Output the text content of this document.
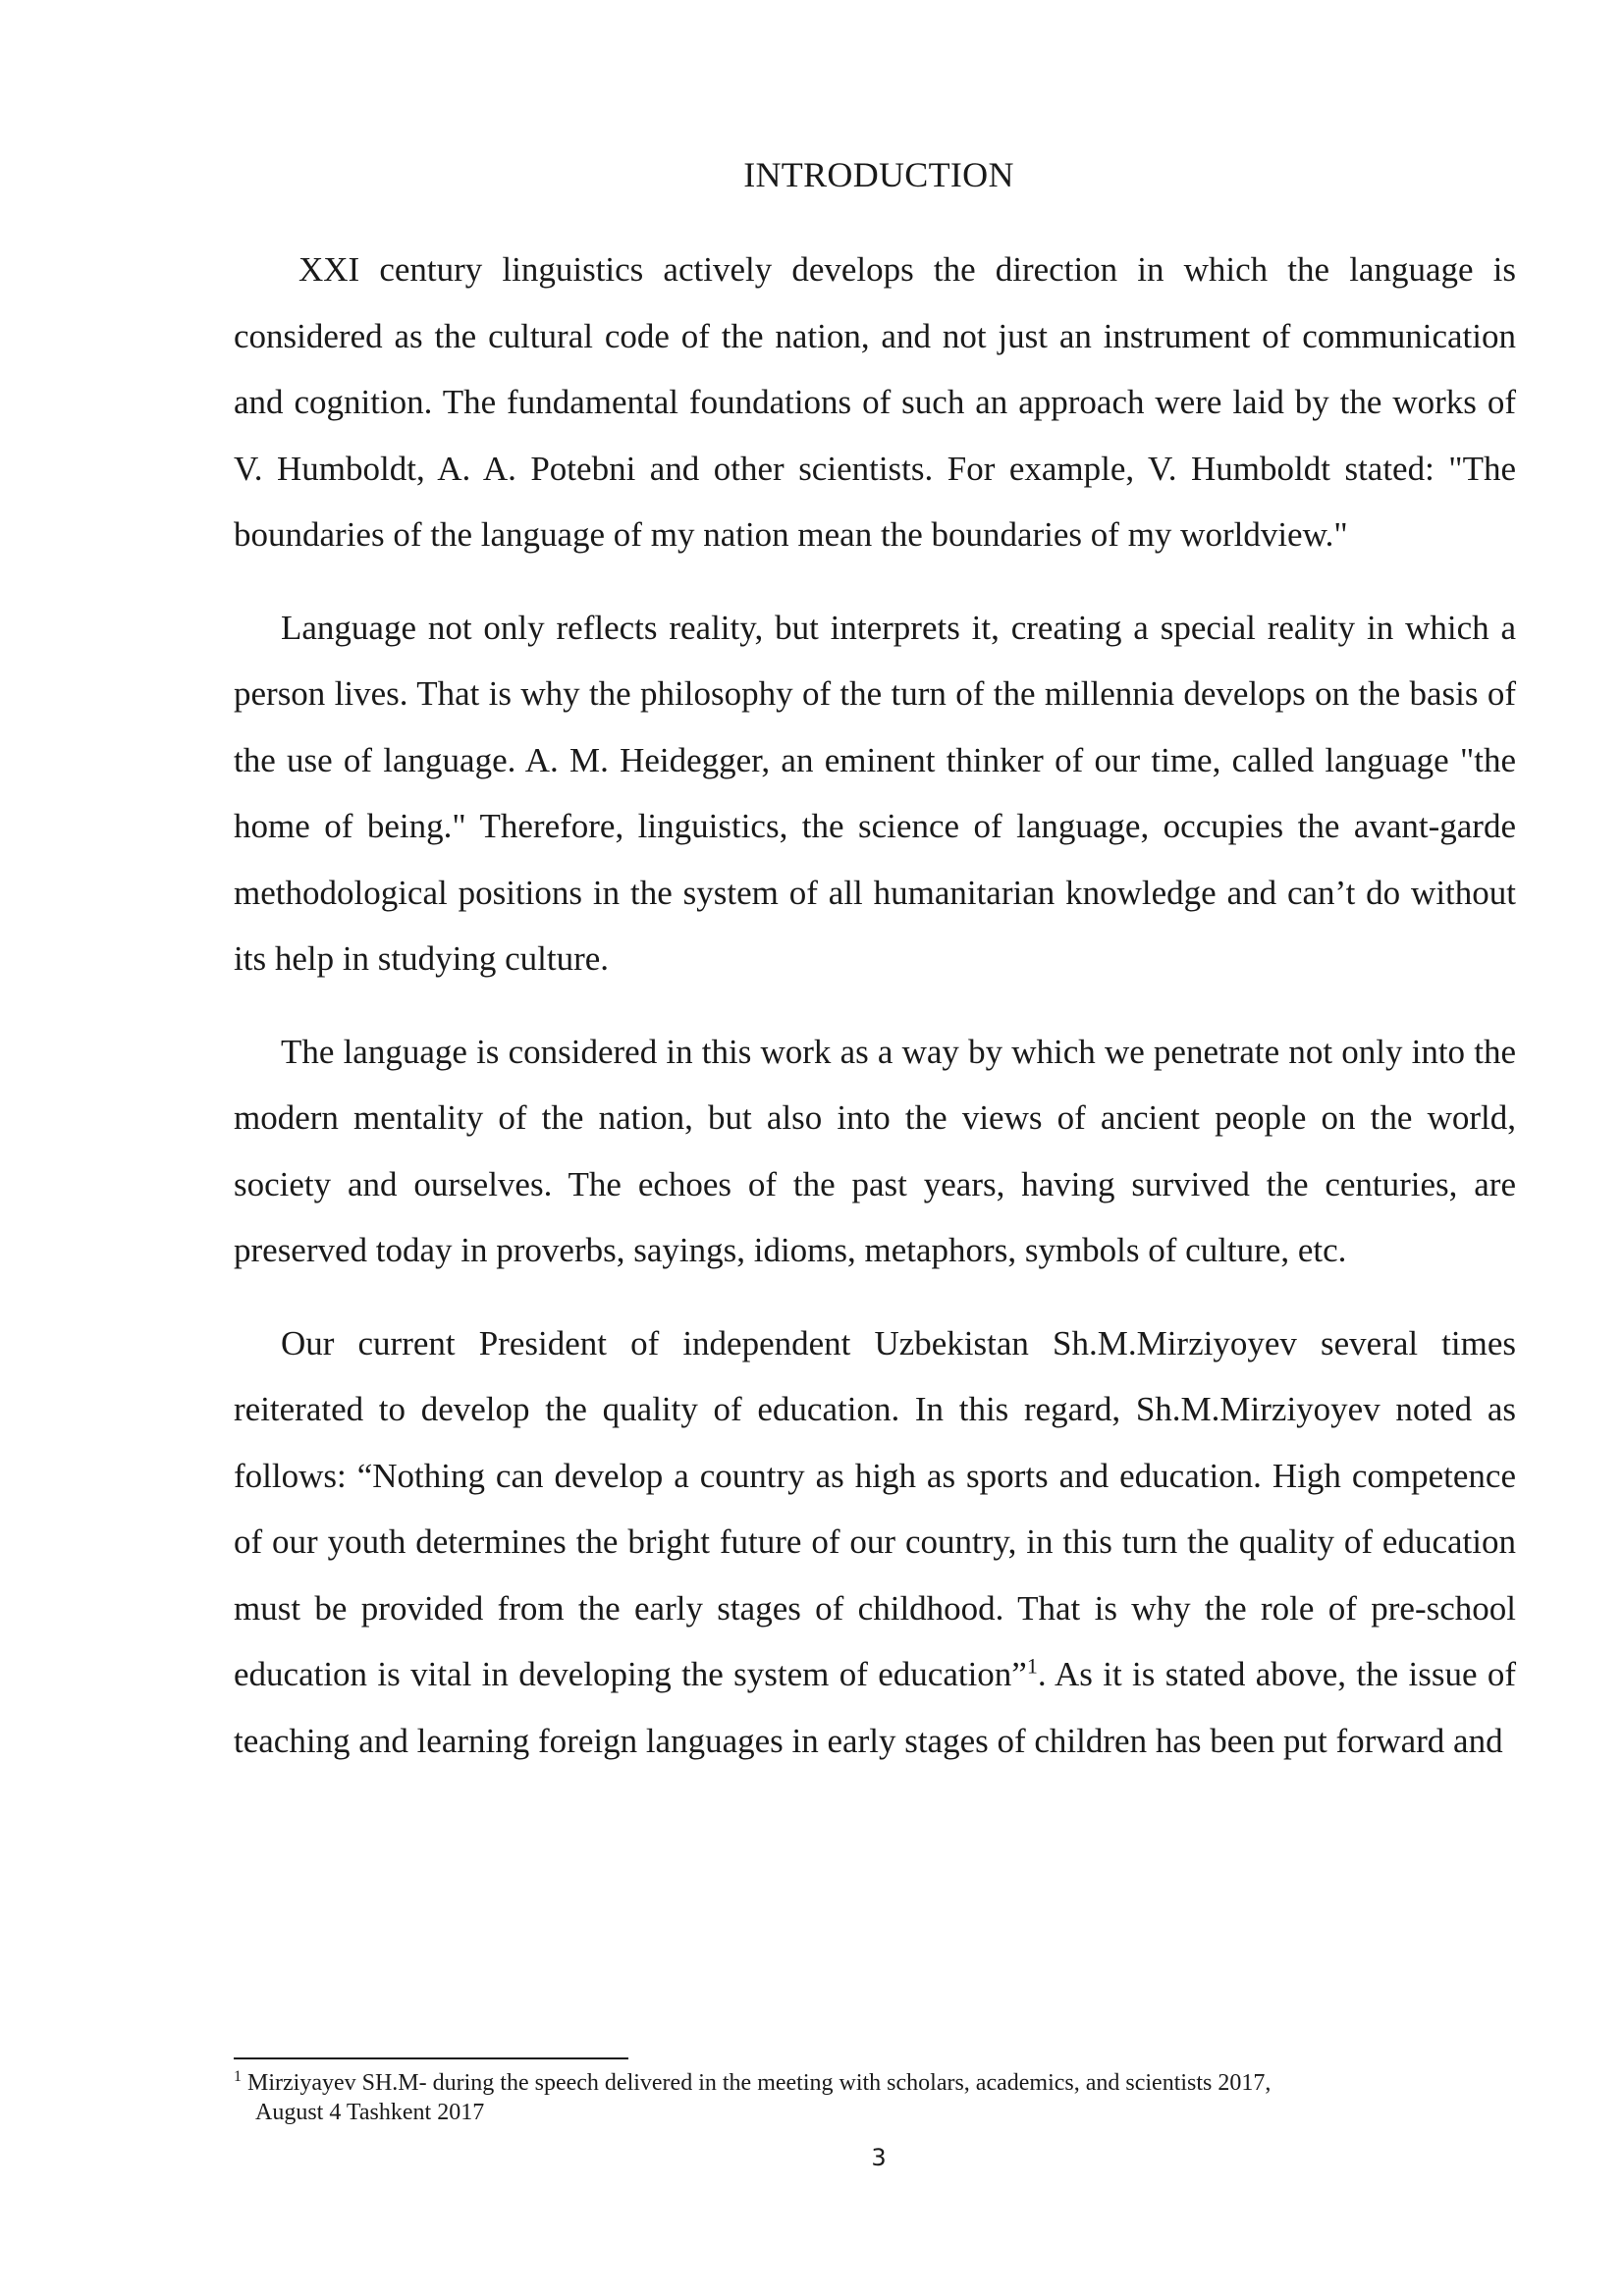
INTRODUCTION

XXI century linguistics actively develops the direction in which the language is considered as the cultural code of the nation, and not just an instrument of communication and cognition. The fundamental foundations of such an approach were laid by the works of V. Humboldt, A. A. Potebni and other scientists. For example, V. Humboldt stated: "The boundaries of the language of my nation mean the boundaries of my worldview."

Language not only reflects reality, but interprets it, creating a special reality in which a person lives. That is why the philosophy of the turn of the millennia develops on the basis of the use of language. A. M. Heidegger, an eminent thinker of our time, called language "the home of being." Therefore, linguistics, the science of language, occupies the avant-garde methodological positions in the system of all humanitarian knowledge and can’t do without its help in studying culture.

The language is considered in this work as a way by which we penetrate not only into the modern mentality of the nation, but also into the views of ancient people on the world, society and ourselves. The echoes of the past years, having survived the centuries, are preserved today in proverbs, sayings, idioms, metaphors, symbols of culture, etc.

Our current President of independent Uzbekistan Sh.M.Mirziyoyev several times reiterated to develop the quality of education. In this regard, Sh.M.Mirziyoyev noted as follows: “Nothing can develop a country as high as sports and education. High competence of our youth determines the bright future of our country, in this turn the quality of education must be provided from the early stages of childhood. That is why the role of pre-school education is vital in developing the system of education”$^1$. As it is stated above, the issue of teaching and learning foreign languages in early stages of children has been put forward and

$^1$ Mirziyayev SH.M- during the speech delivered in the meeting with scholars, academics, and scientists 2017,
August 4 Tashkent 2017
3
